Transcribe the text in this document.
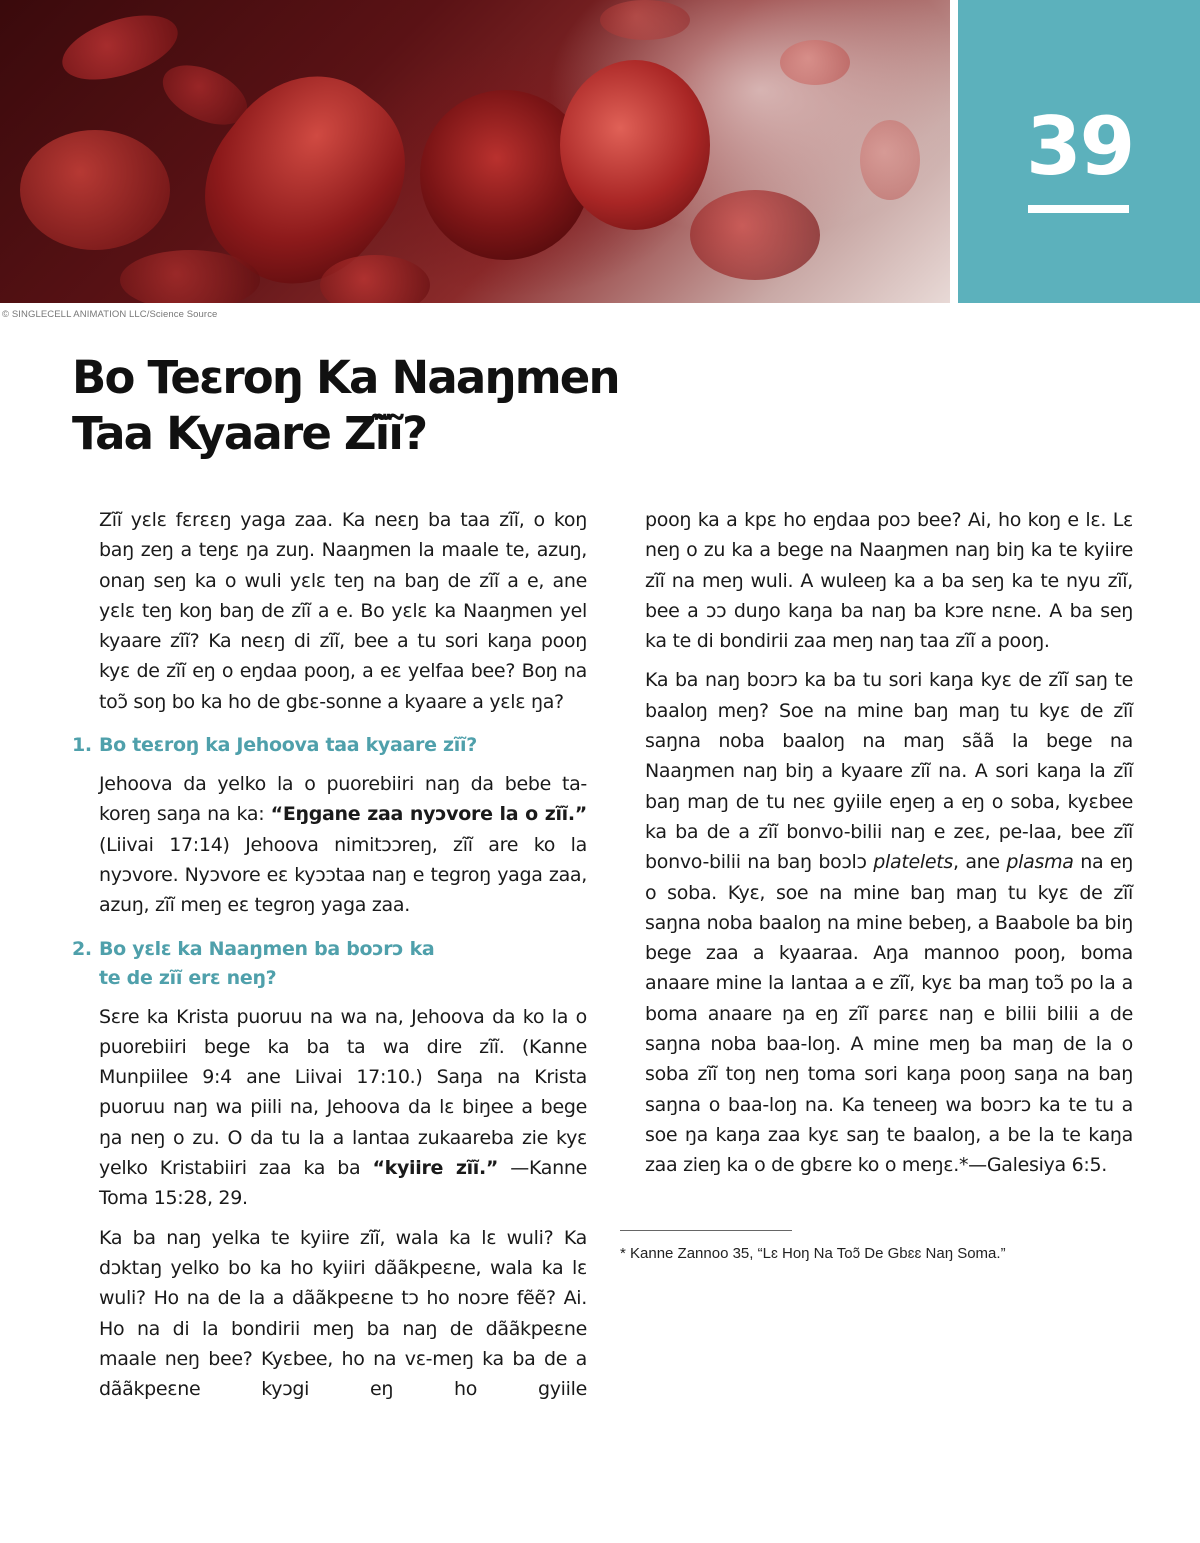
© SINGLECELL ANIMATION LLC/Science Source
39
Bo Teɛroŋ Ka Naaŋmen
Taa Kyaare Zĩ̃ĩ?

Zĩĩ yɛlɛ fɛrɛɛŋ yaga zaa. Ka neɛŋ ba taa zĩĩ, o koŋ baŋ zeŋ a teŋɛ ŋa zuŋ. Naaŋmen la maale te, azuŋ, onaŋ seŋ ka o wuli yɛlɛ teŋ na baŋ de zĩĩ a e, ane yɛlɛ teŋ koŋ baŋ de zĩĩ a e. Bo yɛlɛ ka Naaŋmen yel kyaare zĩĩ? Ka neɛŋ di zĩĩ, bee a tu sori kaŋa pooŋ kyɛ de zĩĩ eŋ o eŋdaa pooŋ, a eɛ yelfaa bee? Boŋ na toɔ̃ soŋ bo ka ho de gbɛ-sonne a kyaare a yɛlɛ ŋa?

1. Bo teɛroŋ ka Jehoova taa kyaare zĩĩ?

Jehoova da yelko la o puorebiiri naŋ da bebe ta-koreŋ saŋa na ka: “Eŋgane zaa nyɔvore la o zĩĩ.” (Liivai 17:14) Jehoova nimitɔɔreŋ, zĩĩ are ko la nyɔvore. Nyɔvore eɛ kyɔɔtaa naŋ e tegroŋ yaga zaa, azuŋ, zĩĩ meŋ eɛ tegroŋ yaga zaa.

2. Bo yɛlɛ ka Naaŋmen ba boɔrɔ ka
te de zĩĩ erɛ neŋ?

Sɛre ka Krista puoruu na wa na, Jehoova da ko la o puorebiiri bege ka ba ta wa dire zĩĩ. (Kanne Munpiilee 9:4 ane Liivai 17:10.) Saŋa na Krista puoruu naŋ wa piili na, Jehoova da lɛ biŋee a bege ŋa neŋ o zu. O da tu la a lantaa zukaareba zie kyɛ yelko Kristabiiri zaa ka ba “kyiire zĩĩ.” —Kanne Toma 15:28, 29.

Ka ba naŋ yelka te kyiire zĩĩ, wala ka lɛ wuli? Ka dɔktaŋ yelko bo ka ho kyiiri dããkpeɛne, wala ka lɛ wuli? Ho na de la a dããkpeɛne tɔ ho noɔre fẽẽ? Ai. Ho na di la bondirii meŋ ba naŋ de dããkpeɛne maale neŋ bee? Kyɛbee, ho na vɛ-meŋ ka ba de a dããkpeɛne kyɔgi eŋ ho gyiile

pooŋ ka a kpɛ ho eŋdaa poɔ bee? Ai, ho koŋ e lɛ. Lɛ neŋ o zu ka a bege na Naaŋmen naŋ biŋ ka te kyiire zĩĩ na meŋ wuli. A wuleeŋ ka a ba seŋ ka te nyu zĩĩ, bee a ɔɔ duŋo kaŋa ba naŋ ba kɔre nɛne. A ba seŋ ka te di bondirii zaa meŋ naŋ taa zĩĩ a pooŋ.

Ka ba naŋ boɔrɔ ka ba tu sori kaŋa kyɛ de zĩĩ saŋ te baaloŋ meŋ? Soe na mine baŋ maŋ tu kyɛ de zĩĩ saŋna noba baaloŋ na maŋ sãã la bege na Naaŋmen naŋ biŋ a kyaare zĩĩ na. A sori kaŋa la zĩĩ baŋ maŋ de tu neɛ gyiile eŋeŋ a eŋ o soba, kyɛbee ka ba de a zĩĩ bonvo-bilii naŋ e zeɛ, pe-laa, bee zĩĩ bonvo-bilii na baŋ boɔlɔ platelets, ane plasma na eŋ o soba. Kyɛ, soe na mine baŋ maŋ tu kyɛ de zĩĩ saŋna noba baaloŋ na mine bebeŋ, a Baabole ba biŋ bege zaa a kyaaraa. Aŋa mannoo pooŋ, boma anaare mine la lantaa a e zĩĩ, kyɛ ba maŋ toɔ̃ po la a boma anaare ŋa eŋ zĩĩ parɛɛ naŋ e bilii bilii a de saŋna noba baa-loŋ. A mine meŋ ba maŋ de la o soba zĩĩ toŋ neŋ toma sori kaŋa pooŋ saŋa na baŋ saŋna o baa-loŋ na. Ka teneeŋ wa boɔrɔ ka te tu a soe ŋa kaŋa zaa kyɛ saŋ te baaloŋ, a be la te kaŋa zaa zieŋ ka o de gbɛre ko o meŋɛ.*—Galesiya 6:5.

* Kanne Zannoo 35, “Lɛ Hoŋ Na Toɔ̃ De Gbɛɛ Naŋ Soma.”
